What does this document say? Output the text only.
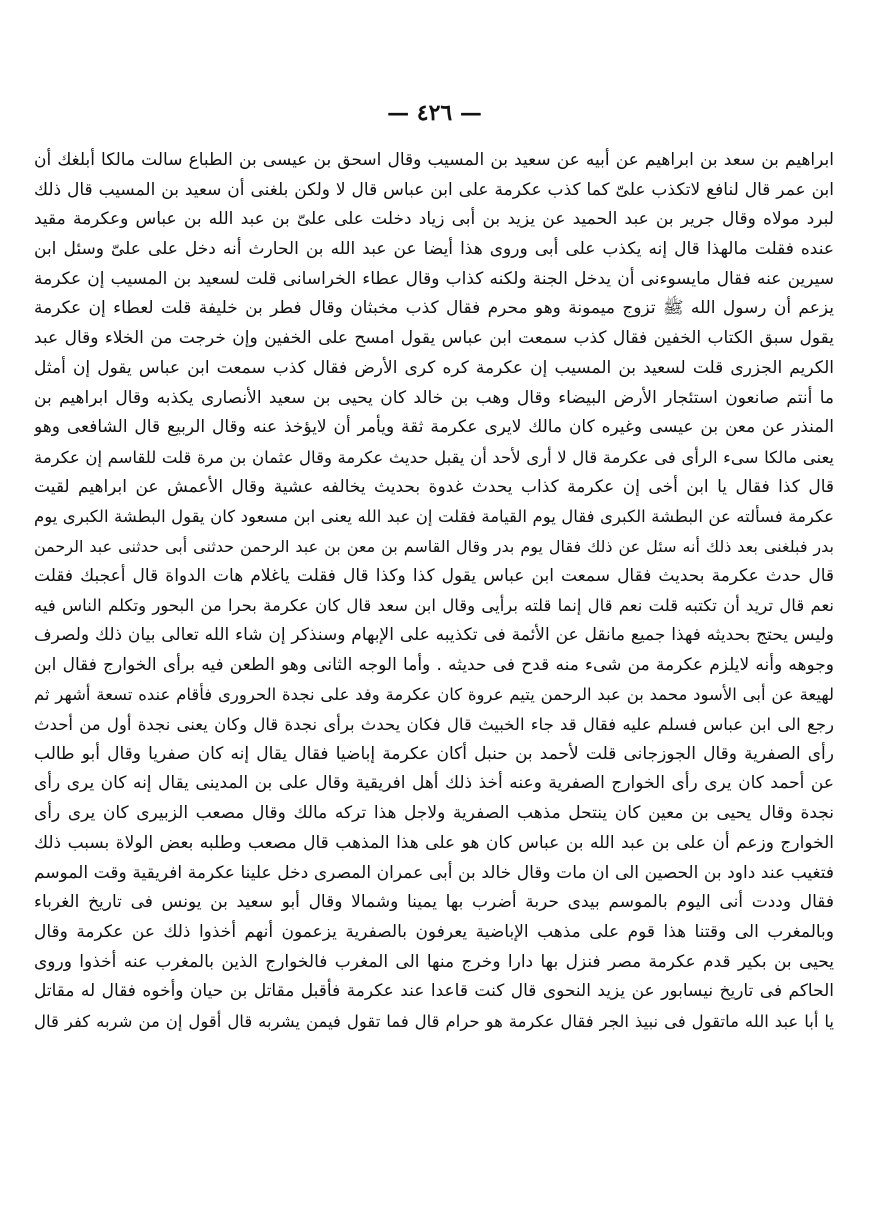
— ٤٢٦ —
ابراهيم بن سعد بن ابراهيم عن أبيه عن سعيد بن المسيب وقال اسحق بن عيسى بن الطباع سالت مالكا أبلغك أن
ابن عمر قال لنافع لاتكذب علىّ كما كذب عكرمة على ابن عباس قال لا ولكن بلغنى أن سعيد بن المسيب قال ذلك
لبرد مولاه وقال جرير بن عبد الحميد عن يزيد بن أبى زياد دخلت على علىّ بن عبد الله بن عباس وعكرمة مقيد
عنده فقلت مالهذا قال إنه يكذب على أبى وروى هذا أيضا عن عبد الله بن الحارث أنه دخل على علىّ وسئل ابن
سيرين عنه فقال مايسوءنى أن يدخل الجنة ولكنه كذاب وقال عطاء الخراسانى قلت لسعيد بن المسيب إن عكرمة
يزعم أن رسول الله ﷺ تزوج ميمونة وهو محرم فقال كذب مخبثان وقال فطر بن خليفة قلت لعطاء إن عكرمة
يقول سبق الكتاب الخفين فقال كذب سمعت ابن عباس يقول امسح على الخفين وإن خرجت من الخلاء وقال عبد
الكريم الجزرى قلت لسعيد بن المسيب إن عكرمة كره كرى الأرض فقال كذب سمعت ابن عباس يقول إن أمثل
ما أنتم صانعون استئجار الأرض البيضاء وقال وهب بن خالد كان يحيى بن سعيد الأنصارى يكذبه وقال ابراهيم بن
المنذر عن معن بن عيسى وغيره كان مالك لايرى عكرمة ثقة ويأمر أن لايؤخذ عنه وقال الربيع قال الشافعى وهو
يعنى مالكا سىء الرأى فى عكرمة قال لا أرى لأحد أن يقبل حديث عكرمة وقال عثمان بن مرة قلت للقاسم إن عكرمة
قال كذا فقال يا ابن أخى إن عكرمة كذاب يحدث غدوة بحديث يخالفه عشية وقال الأعمش عن ابراهيم لقيت
عكرمة فسألته عن البطشة الكبرى فقال يوم القيامة فقلت إن عبد الله يعنى ابن مسعود كان يقول البطشة الكبرى يوم
بدر فبلغنى بعد ذلك أنه سئل عن ذلك فقال يوم بدر وقال القاسم بن معن بن عبد الرحمن حدثنى أبى حدثنى عبد الرحمن
قال حدث عكرمة بحديث فقال سمعت ابن عباس يقول كذا وكذا قال فقلت ياغلام هات الدواة قال أعجبك فقلت
نعم قال تريد أن تكتبه قلت نعم قال إنما قلته برأيى وقال ابن سعد قال كان عكرمة بحرا من البحور وتكلم الناس فيه
وليس يحتج بحديثه فهذا جميع مانقل عن الأئمة فى تكذيبه على الإبهام وسنذكر إن شاء الله تعالى بيان ذلك ولصرف
وجوهه وأنه لايلزم عكرمة من شىء منه قدح فى حديثه . وأما الوجه الثانى وهو الطعن فيه برأى الخوارج فقال ابن
لهيعة عن أبى الأسود محمد بن عبد الرحمن يتيم عروة كان عكرمة وفد على نجدة الحرورى فأقام عنده تسعة أشهر ثم
رجع الى ابن عباس فسلم عليه فقال قد جاء الخبيث قال فكان يحدث برأى نجدة قال وكان يعنى نجدة أول من أحدث
رأى الصفرية وقال الجوزجانى قلت لأحمد بن حنبل أكان عكرمة إباضيا فقال يقال إنه كان صفريا وقال أبو طالب
عن أحمد كان يرى رأى الخوارج الصفرية وعنه أخذ ذلك أهل افريقية وقال على بن المدينى يقال إنه كان يرى رأى
نجدة وقال يحيى بن معين كان ينتحل مذهب الصفرية ولاجل هذا تركه مالك وقال مصعب الزبيرى كان يرى رأى
الخوارج وزعم أن على بن عبد الله بن عباس كان هو على هذا المذهب قال مصعب وطلبه بعض الولاة بسبب ذلك
فتغيب عند داود بن الحصين الى ان مات وقال خالد بن أبى عمران المصرى دخل علينا عكرمة افريقية وقت الموسم
فقال وددت أنى اليوم بالموسم بيدى حربة أضرب بها يمينا وشمالا وقال أبو سعيد بن يونس فى تاريخ الغرباء
وبالمغرب الى وقتنا هذا قوم على مذهب الإباضية يعرفون بالصفرية يزعمون أنهم أخذوا ذلك عن عكرمة وقال
يحيى بن بكير قدم عكرمة مصر فنزل بها دارا وخرج منها الى المغرب فالخوارج الذين بالمغرب عنه أخذوا وروى
الحاكم فى تاريخ نيسابور عن يزيد النحوى قال كنت قاعدا عند عكرمة فأقبل مقاتل بن حيان وأخوه فقال له مقاتل
يا أبا عبد الله ماتقول فى نبيذ الجر فقال عكرمة هو حرام قال فما تقول فيمن يشربه قال أقول إن من شربه كفر قال
